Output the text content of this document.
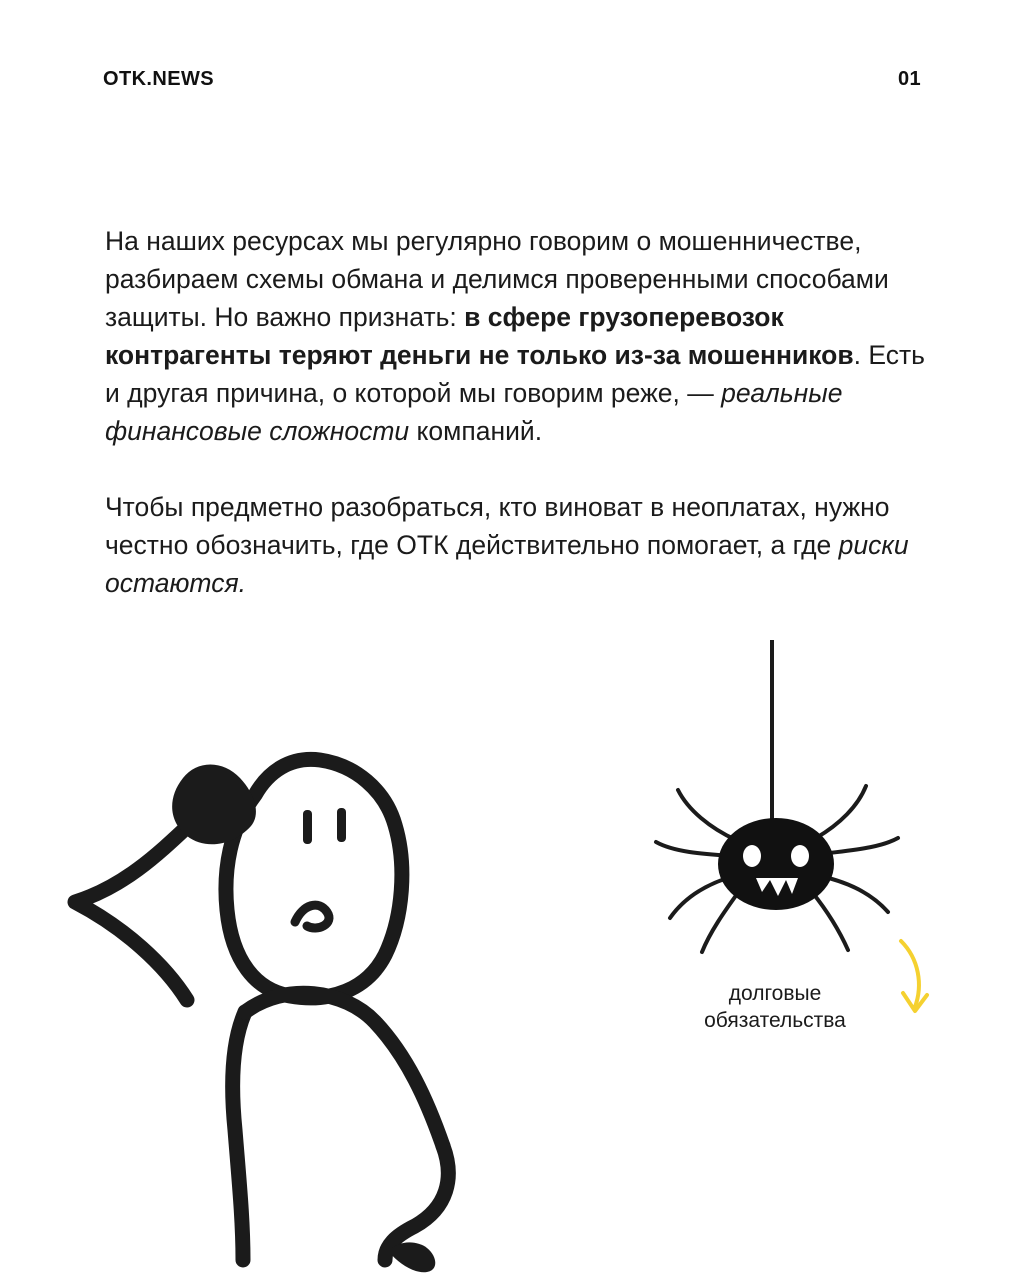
OTK.NEWS	01

На наших ресурсах мы регулярно говорим о мошенничестве, разбираем схемы обмана и делимся проверенными способами защиты. Но важно признать: в сфере грузоперевозок контрагенты теряют деньги не только из-за мошенников. Есть и другая причина, о которой мы говорим реже, — реальные финансовые сложности компаний.

Чтобы предметно разобраться, кто виноват в неоплатах, нужно честно обозначить, где ОТК действительно помогает, а где риски остаются.

долговые
обязательства
